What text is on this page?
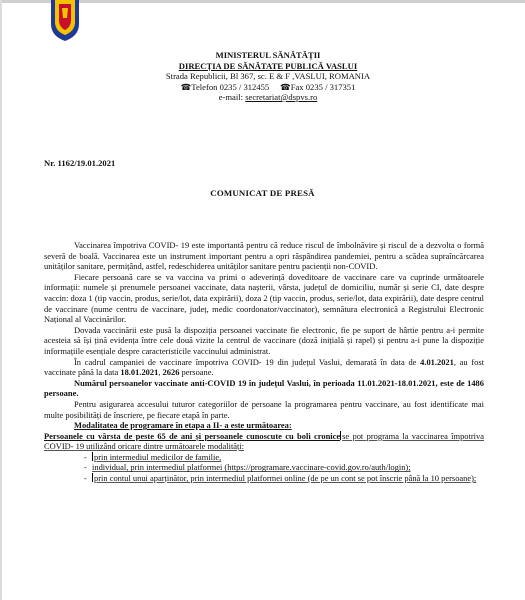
MINISTERUL SĂNĂTĂȚII
DIRECȚIA DE SĂNĂTATE PUBLICĂ VASLUI
Strada Republicii, Bl 367, sc. E & F ,VASLUI, ROMANIA
☎Telefon 0235 / 312455 ☎Fax 0235 / 317351
e-mail: secretariat@dspvs.ro
Nr. 1162/19.01.2021
COMUNICAT DE PRESĂ

Vaccinarea împotriva COVID- 19 este importantă pentru că reduce riscul de îmbolnăvire și riscul de a dezvolta o formă severă de boală. Vaccinarea este un instrument important pentru a opri răspândirea pandemiei, pentru a scădea supraîncărcarea unităților sanitare, permițând, astfel, redeschiderea unităților sanitare pentru pacienții non-COVID.

Fiecare persoană care se va vaccina va primi o adeverință doveditoare de vaccinare care va cuprinde următoarele informații: numele și prenumele persoanei vaccinate, data nașterii, vârsta, județul de domiciliu, număr și serie CI, date despre vaccin: doza 1 (tip vaccin, produs, serie/lot, data expirării), doza 2 (tip vaccin, produs, serie/lot, data expirării), date despre centrul de vaccinare (nume centru de vaccinare, județ, medic coordonator/vaccinator), semnătura electronică a Registrului Electronic Național al Vaccinărilor.

Dovada vaccinării este pusă la dispoziția persoanei vaccinate fie electronic, fie pe suport de hârtie pentru a-i permite acesteia să își țină evidența între cele două vizite la centrul de vaccinare (doză inițială și rapel) și pentru a-i pune la dispoziție informațiile esențiale despre caracteristicile vaccinului administrat.

În cadrul campaniei de vaccinare împotriva COVID- 19 din județul Vaslui, demarată în data de 4.01.2021, au fost vaccinate până la data 18.01.2021, 2626 persoane.

Numărul persoanelor vaccinate anti-COVID 19 în județul Vaslui, în perioada 11.01.2021-18.01.2021, este de 1486 persoane.

Pentru asigurarea accesului tuturor categoriilor de persoane la programarea pentru vaccinare, au fost identificate mai multe posibilități de înscriere, pe fiecare etapă în parte.

Modalitatea de programare în etapa a II- a este următoarea:

Persoanele cu vârsta de peste 65 de ani și persoanele cunoscute cu boli cronice se pot programa la vaccinarea împotriva COVID- 19 utilizând oricare dintre următoarele modalități:

- prin intermediul medicilor de familie,

- individual, prin intermediul platformei (https://programare.vaccinare-covid.gov.ro/auth/login);

- prin contul unui aparținător, prin intermediul platformei online (de pe un cont se pot înscrie până la 10 persoane);
